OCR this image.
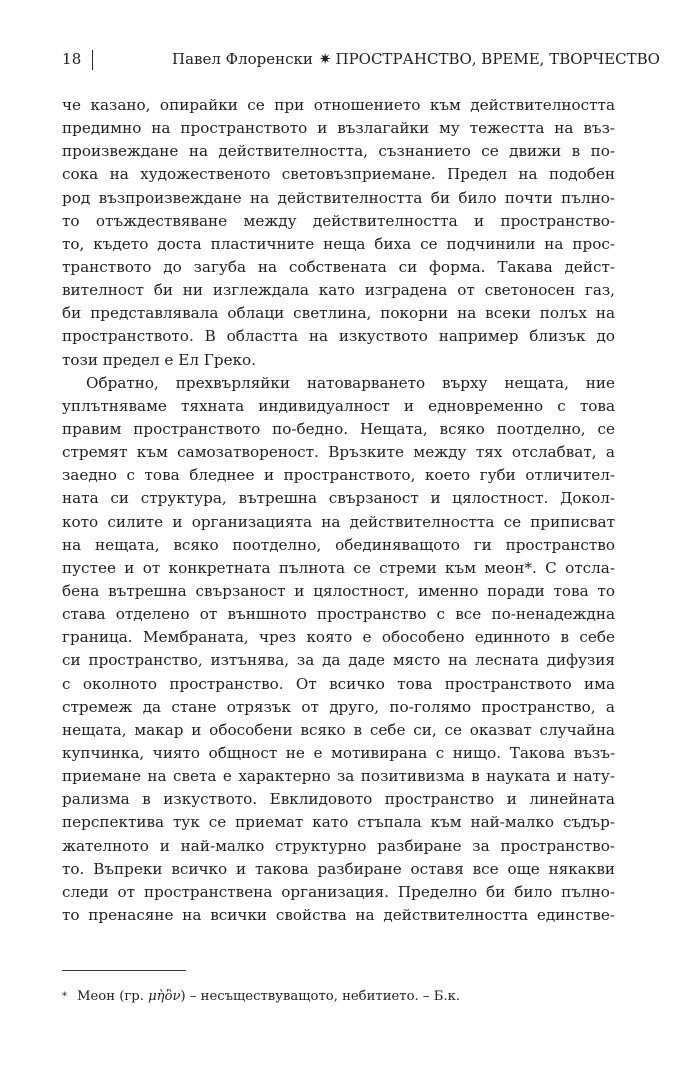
18	Павел Флоренски ✷ ПРОСТРАНСТВО, ВРЕМЕ, ТВОРЧЕСТВО
че казано, опирайки се при отношението към действителността
предимно на пространството и възлагайки му тежестта на въз-
произвеждане на действителността, съзнанието се движи в по-
сока на художественото световъзприемане. Предел на подобен
род възпроизвеждане на действителността би било почти пълно-
то отъждествяване между действителността и пространство-
то, където доста пластичните неща биха се подчинили на прос-
транството до загуба на собствената си форма. Такава дейст-
вителност би ни изглеждала като изградена от светоносен газ,
би представлявала облаци светлина, покорни на всеки полъх на
пространството. В областта на изкуството например близък до
този предел е Ел Греко.
Обратно, прехвърляйки натоварването върху нещата, ние
уплътняваме тяхната индивидуалност и едновременно с това
правим пространството по-бедно. Нещата, всяко поотделно, се
стремят към самозатвореност. Връзките между тях отслабват, а
заедно с това бледнее и пространството, което губи отличител-
ната си структура, вътрешна свързаност и цялостност. Докол-
кото силите и организацията на действителността се приписват
на нещата, всяко поотделно, обединяващото ги пространство
пустее и от конкретната пълнота се стреми към меон*. С отсла-
бена вътрешна свързаност и цялостност, именно поради това то
става отделено от външното пространство с все по-ненадеждна
граница. Мембраната, чрез която е обособено единното в себе
си пространство, изтънява, за да даде място на лесната дифузия
с околното пространство. От всичко това пространството има
стремеж да стане отрязък от друго, по-голямо пространство, а
нещата, макар и обособени всяко в себе си, се оказват случайна
купчинка, чиято общност не е мотивирана с нищо. Такова възъ-
приемане на света е характерно за позитивизма в науката и нату-
рализма в изкуството. Евклидовото пространство и линейната
перспектива тук се приемат като стъпала към най-малко съдър-
жателното и най-малко структурно разбиране за пространство-
то. Въпреки всичко и такова разбиране оставя все още някакви
следи от пространствена организация. Пределно би било пълно-
то пренасяне на всички свойства на действителността единстве-
* Меон (гр. μὴὂν) – несъществуващото, небитието. – Б.к.
